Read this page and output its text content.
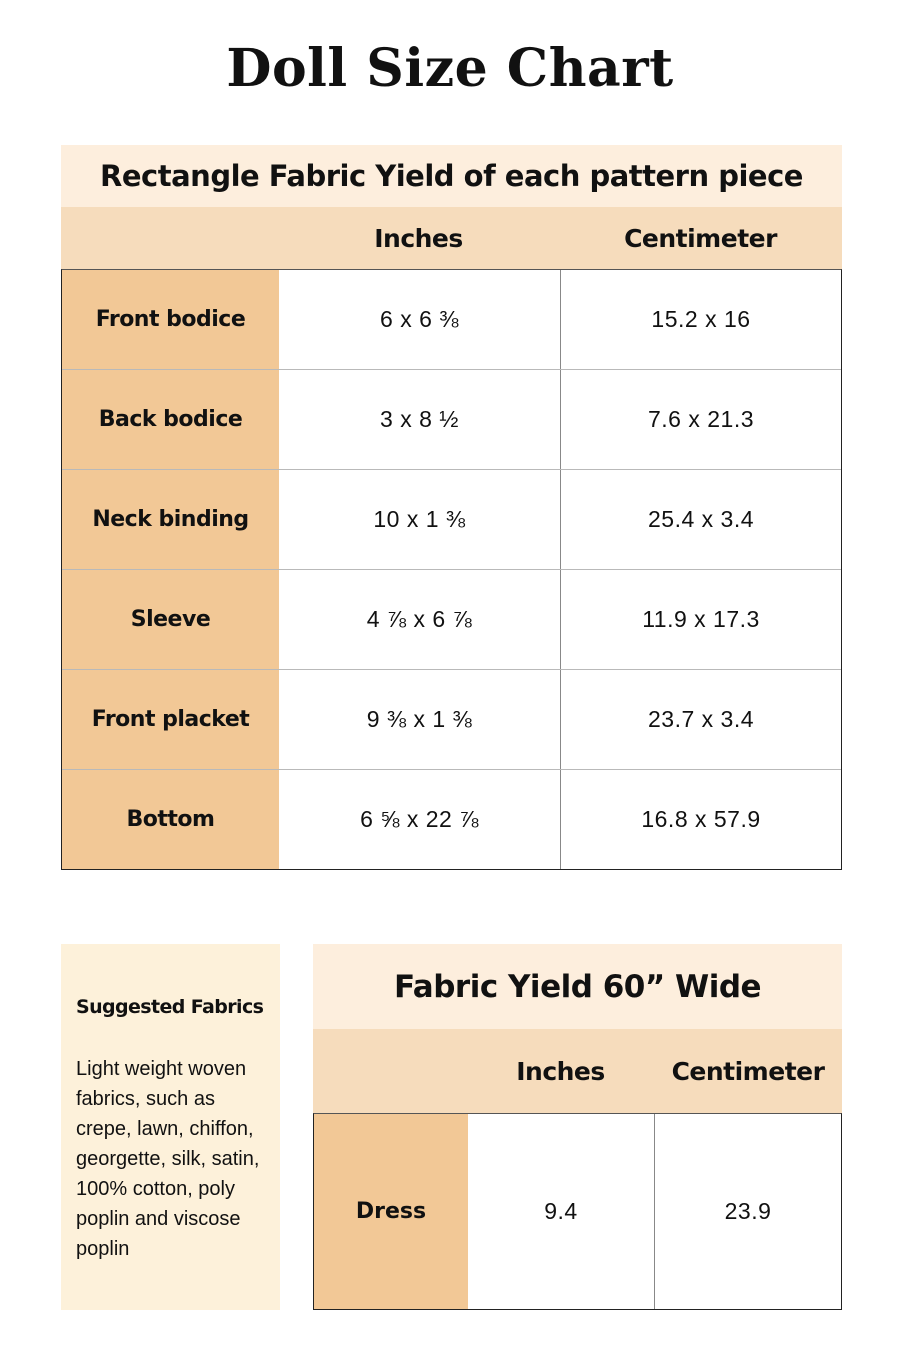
Doll Size Chart
Rectangle Fabric Yield of each pattern piece
Inches	Centimeter
Front bodice	6 x 6 ⅜	15.2 x 16
Back bodice	3 x 8 ½	7.6 x 21.3
Neck binding	10 x 1 ⅜	25.4 x 3.4
Sleeve	4 ⅞ x 6 ⅞	11.9 x 17.3
Front placket	9 ⅜ x 1 ⅜	23.7 x 3.4
Bottom	6 ⅝ x 22 ⅞	16.8 x 57.9
Suggested Fabrics
Light weight woven fabrics, such as crepe, lawn, chiffon, georgette, silk, satin, 100% cotton, poly poplin and viscose poplin
Fabric Yield 60” Wide
Inches	Centimeter
Dress	9.4	23.9
